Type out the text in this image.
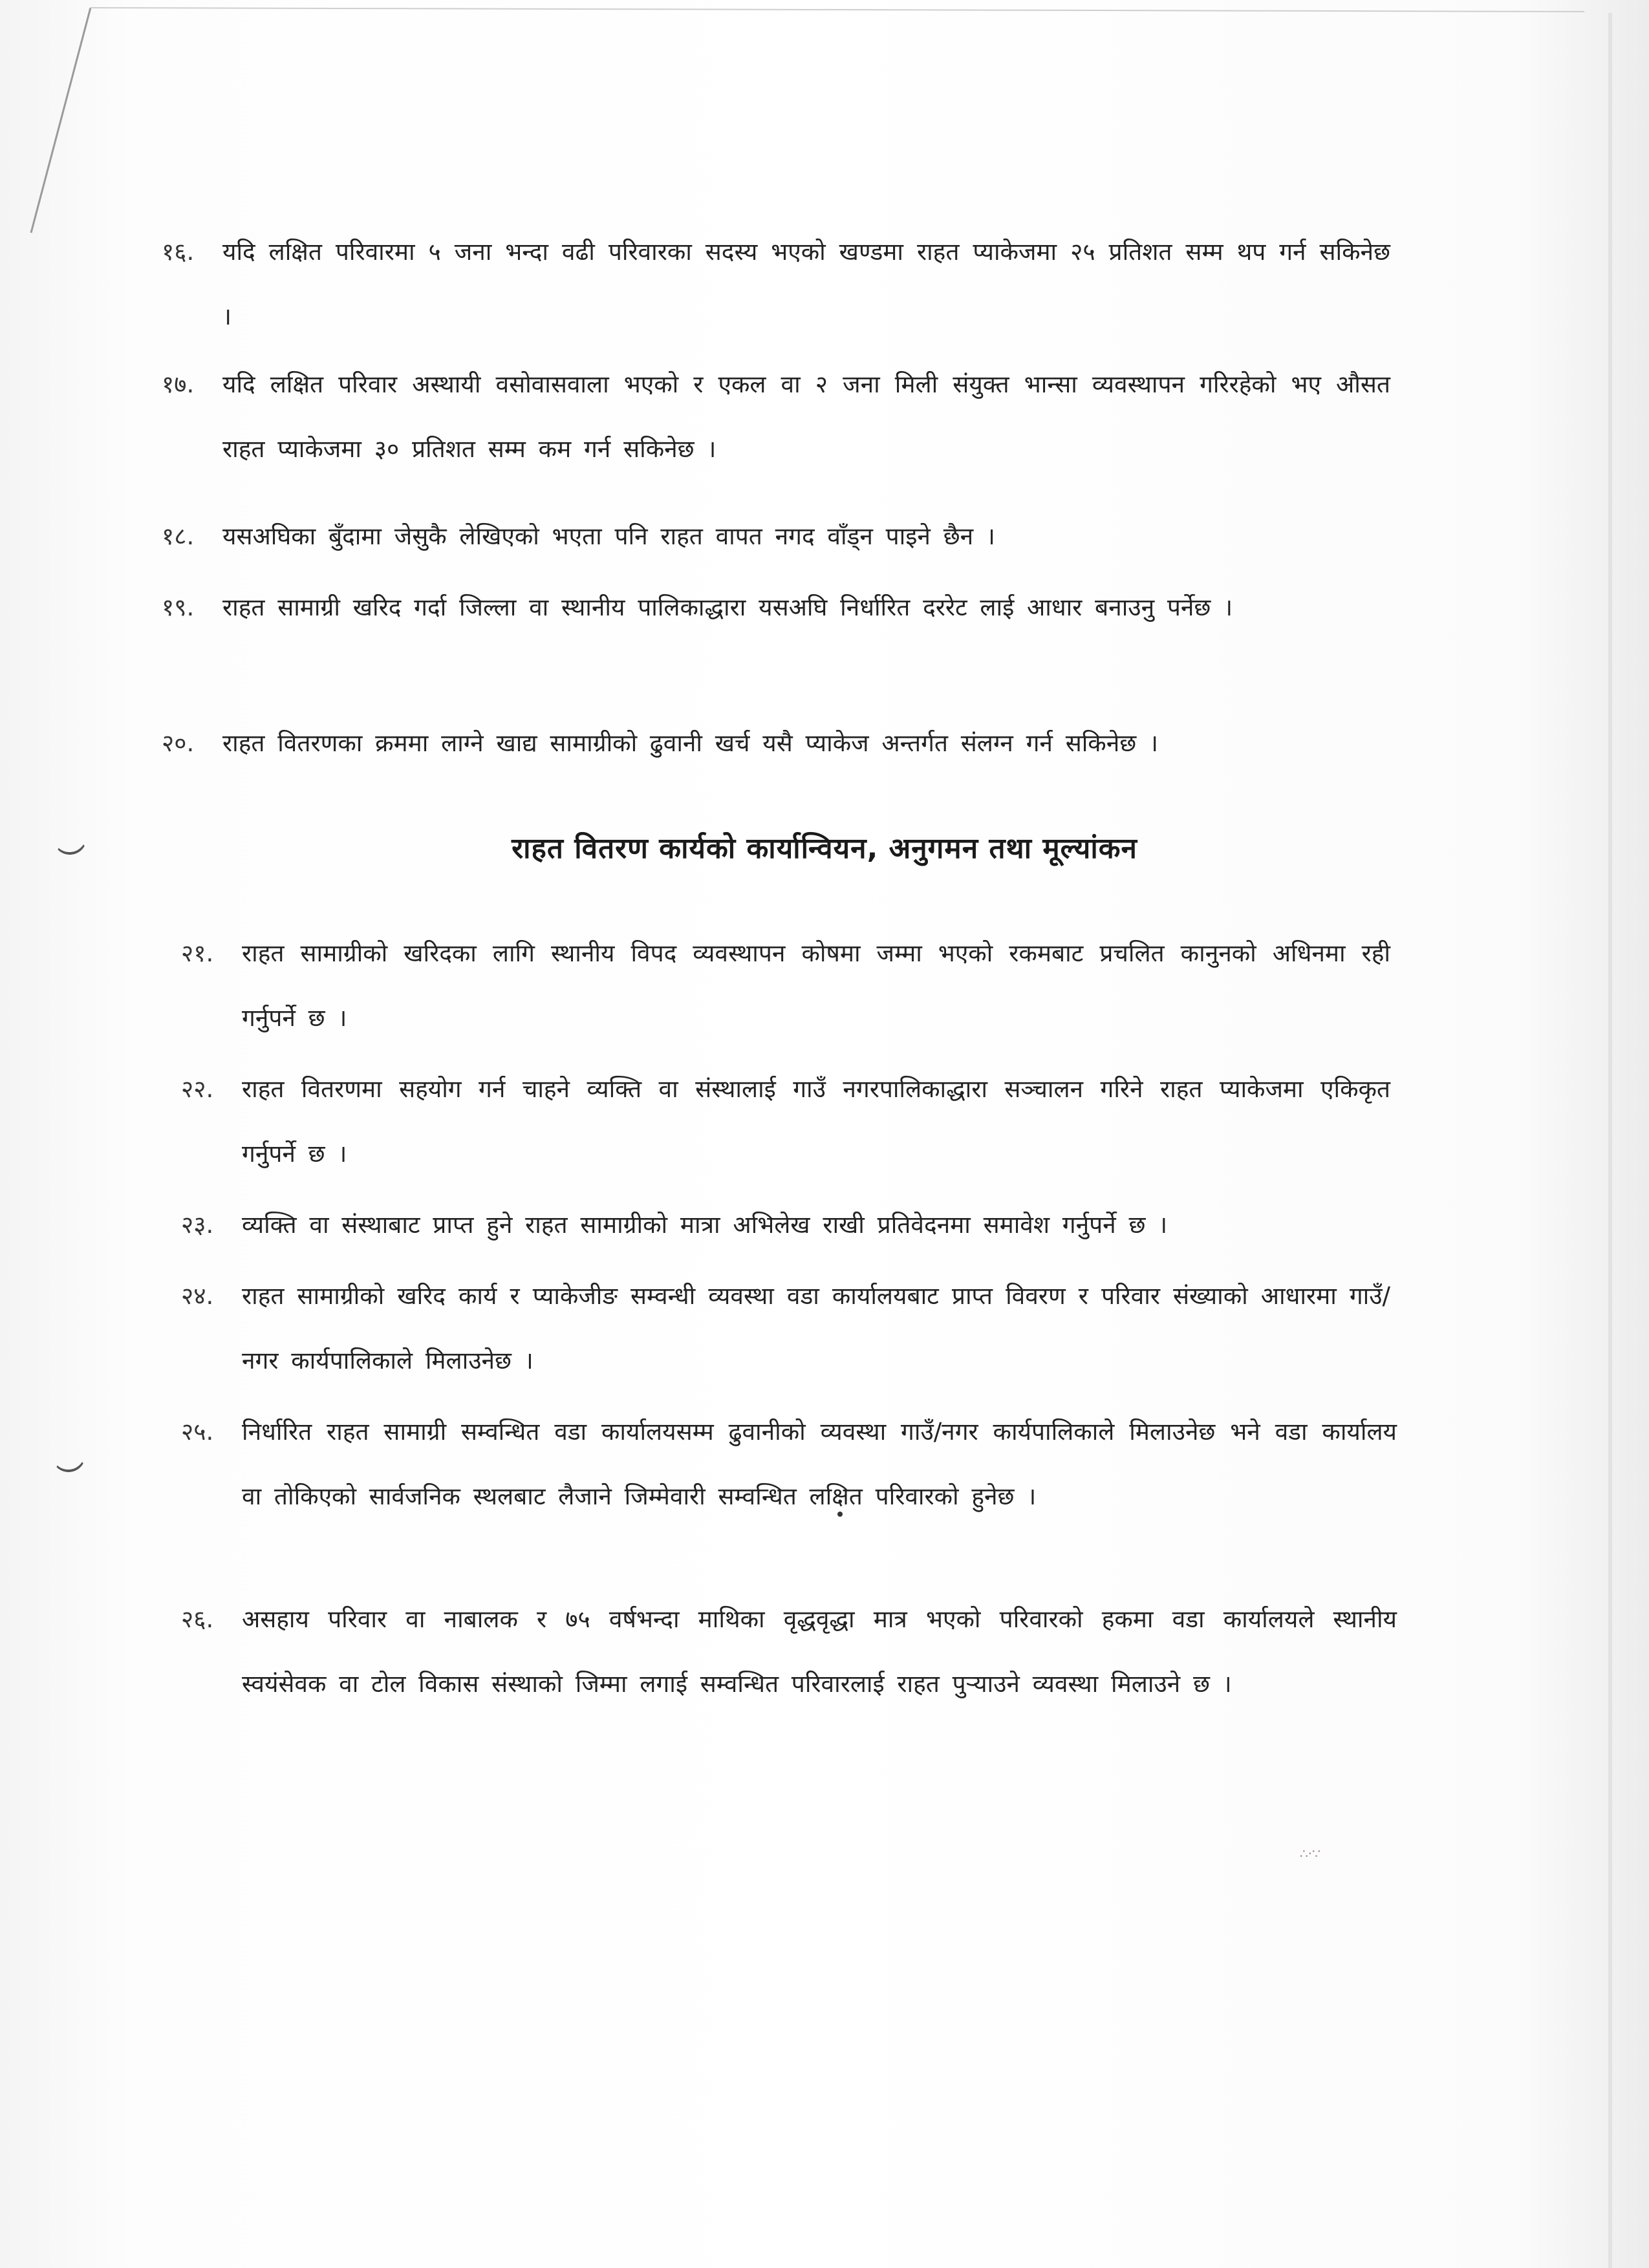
१६.	यदि लक्षित परिवारमा ५ जना भन्दा वढी परिवारका सदस्य भएको खण्डमा राहत प्याकेजमा २५ प्रतिशत सम्म थप गर्न सकिनेछ ।
१७.	यदि लक्षित परिवार अस्थायी वसोवासवाला भएको र एकल वा २ जना मिली संयुक्त भान्सा व्यवस्थापन गरिरहेको भए औसत राहत प्याकेजमा ३० प्रतिशत सम्म कम गर्न सकिनेछ ।
१८.	यसअघिका बुँदामा जेसुकै लेखिएको भएता पनि राहत वापत नगद वाँड्न पाइने छैन ।
१९.	राहत सामाग्री खरिद गर्दा जिल्ला वा स्थानीय पालिकाद्धारा यसअघि निर्धारित दररेट लाई आधार बनाउनु पर्नेछ ।
२०.	राहत वितरणका क्रममा लाग्ने खाद्य सामाग्रीको ढुवानी खर्च यसै प्याकेज अन्तर्गत संलग्न गर्न सकिनेछ ।
राहत वितरण कार्यको कार्यान्वियन, अनुगमन तथा मूल्यांकन
२१.	राहत सामाग्रीको खरिदका लागि स्थानीय विपद व्यवस्थापन कोषमा जम्मा भएको रकमबाट प्रचलित कानुनको अधिनमा रही गर्नुपर्ने छ ।
२२.	राहत वितरणमा सहयोग गर्न चाहने व्यक्ति वा संस्थालाई गाउँ नगरपालिकाद्धारा सञ्चालन गरिने राहत प्याकेजमा एकिकृत गर्नुपर्ने छ ।
२३.	व्यक्ति वा संस्थाबाट प्राप्त हुने राहत सामाग्रीको मात्रा अभिलेख राखी प्रतिवेदनमा समावेश गर्नुपर्ने छ ।
२४.	राहत सामाग्रीको खरिद कार्य र प्याकेजीङ सम्वन्धी व्यवस्था वडा कार्यालयबाट प्राप्त विवरण र परिवार संख्याको आधारमा गाउँ/नगर कार्यपालिकाले मिलाउनेछ ।
२५.	निर्धारित राहत सामाग्री सम्वन्धित वडा कार्यालयसम्म ढुवानीको व्यवस्था गाउँ/नगर कार्यपालिकाले मिलाउनेछ भने वडा कार्यालय वा तोकिएको सार्वजनिक स्थलबाट लैजाने जिम्मेवारी सम्वन्धित लक्षित परिवारको हुनेछ ।
२६.	असहाय परिवार वा नाबालक र ७५ वर्षभन्दा माथिका वृद्धवृद्धा मात्र भएको परिवारको हकमा वडा कार्यालयले स्थानीय स्वयंसेवक वा टोल विकास संस्थाको जिम्मा लगाई सम्वन्धित परिवारलाई राहत पुर्‍याउने व्यवस्था मिलाउने छ ।
∴·∵
